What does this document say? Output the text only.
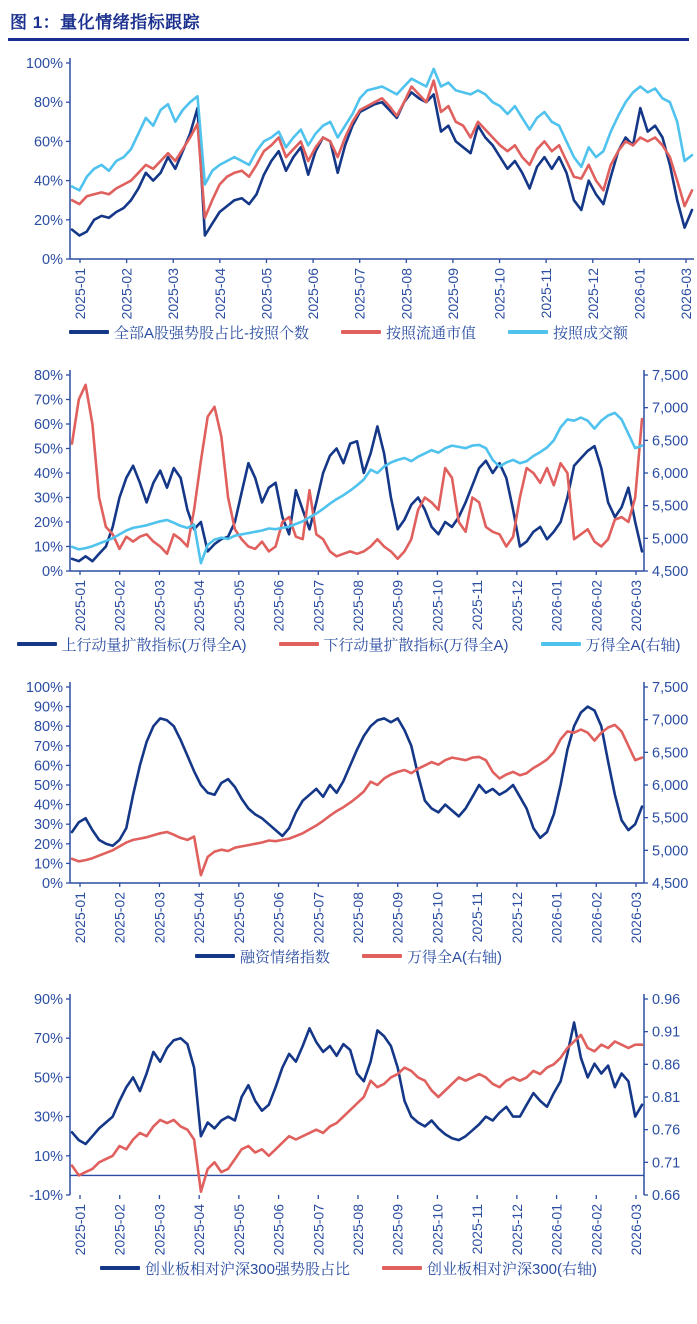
图 1：量化情绪指标跟踪
100%
80%
60%
40%
20%
0%
2025-01 2025-02 2025-03 2025-04 2025-05 2025-06 2025-07 2025-08 2025-09 2025-10 2025-11 2025-12 2026-01 2026-03
全部A股强势股占比-按照个数	按照流通市值	按照成交额
80%
70%
60%
50%
40%
30%
20%
10%
0%
7,500
7,000
6,500
6,000
5,500
5,000
4,500
2025-01 2025-02 2025-03 2025-04 2025-05 2025-06 2025-07 2025-08 2025-09 2025-10 2025-11 2025-12 2026-01 2026-02 2026-03
上行动量扩散指标(万得全A)	下行动量扩散指标(万得全A)	万得全A(右轴)
100%
90%
80%
70%
60%
50%
40%
30%
20%
10%
0%
7,500
7,000
6,500
6,000
5,500
5,000
4,500
2025-01 2025-02 2025-03 2025-04 2025-05 2025-06 2025-07 2025-08 2025-09 2025-10 2025-11 2025-12 2026-01 2026-02 2026-03
融资情绪指数	万得全A(右轴)
90%
70%
50%
30%
10%
-10%
0.96
0.91
0.86
0.81
0.76
0.71
0.66
2025-01 2025-02 2025-03 2025-04 2025-05 2025-06 2025-07 2025-08 2025-09 2025-10 2025-11 2025-12 2026-01 2026-02 2026-03
创业板相对沪深300强势股占比	创业板相对沪深300(右轴)
